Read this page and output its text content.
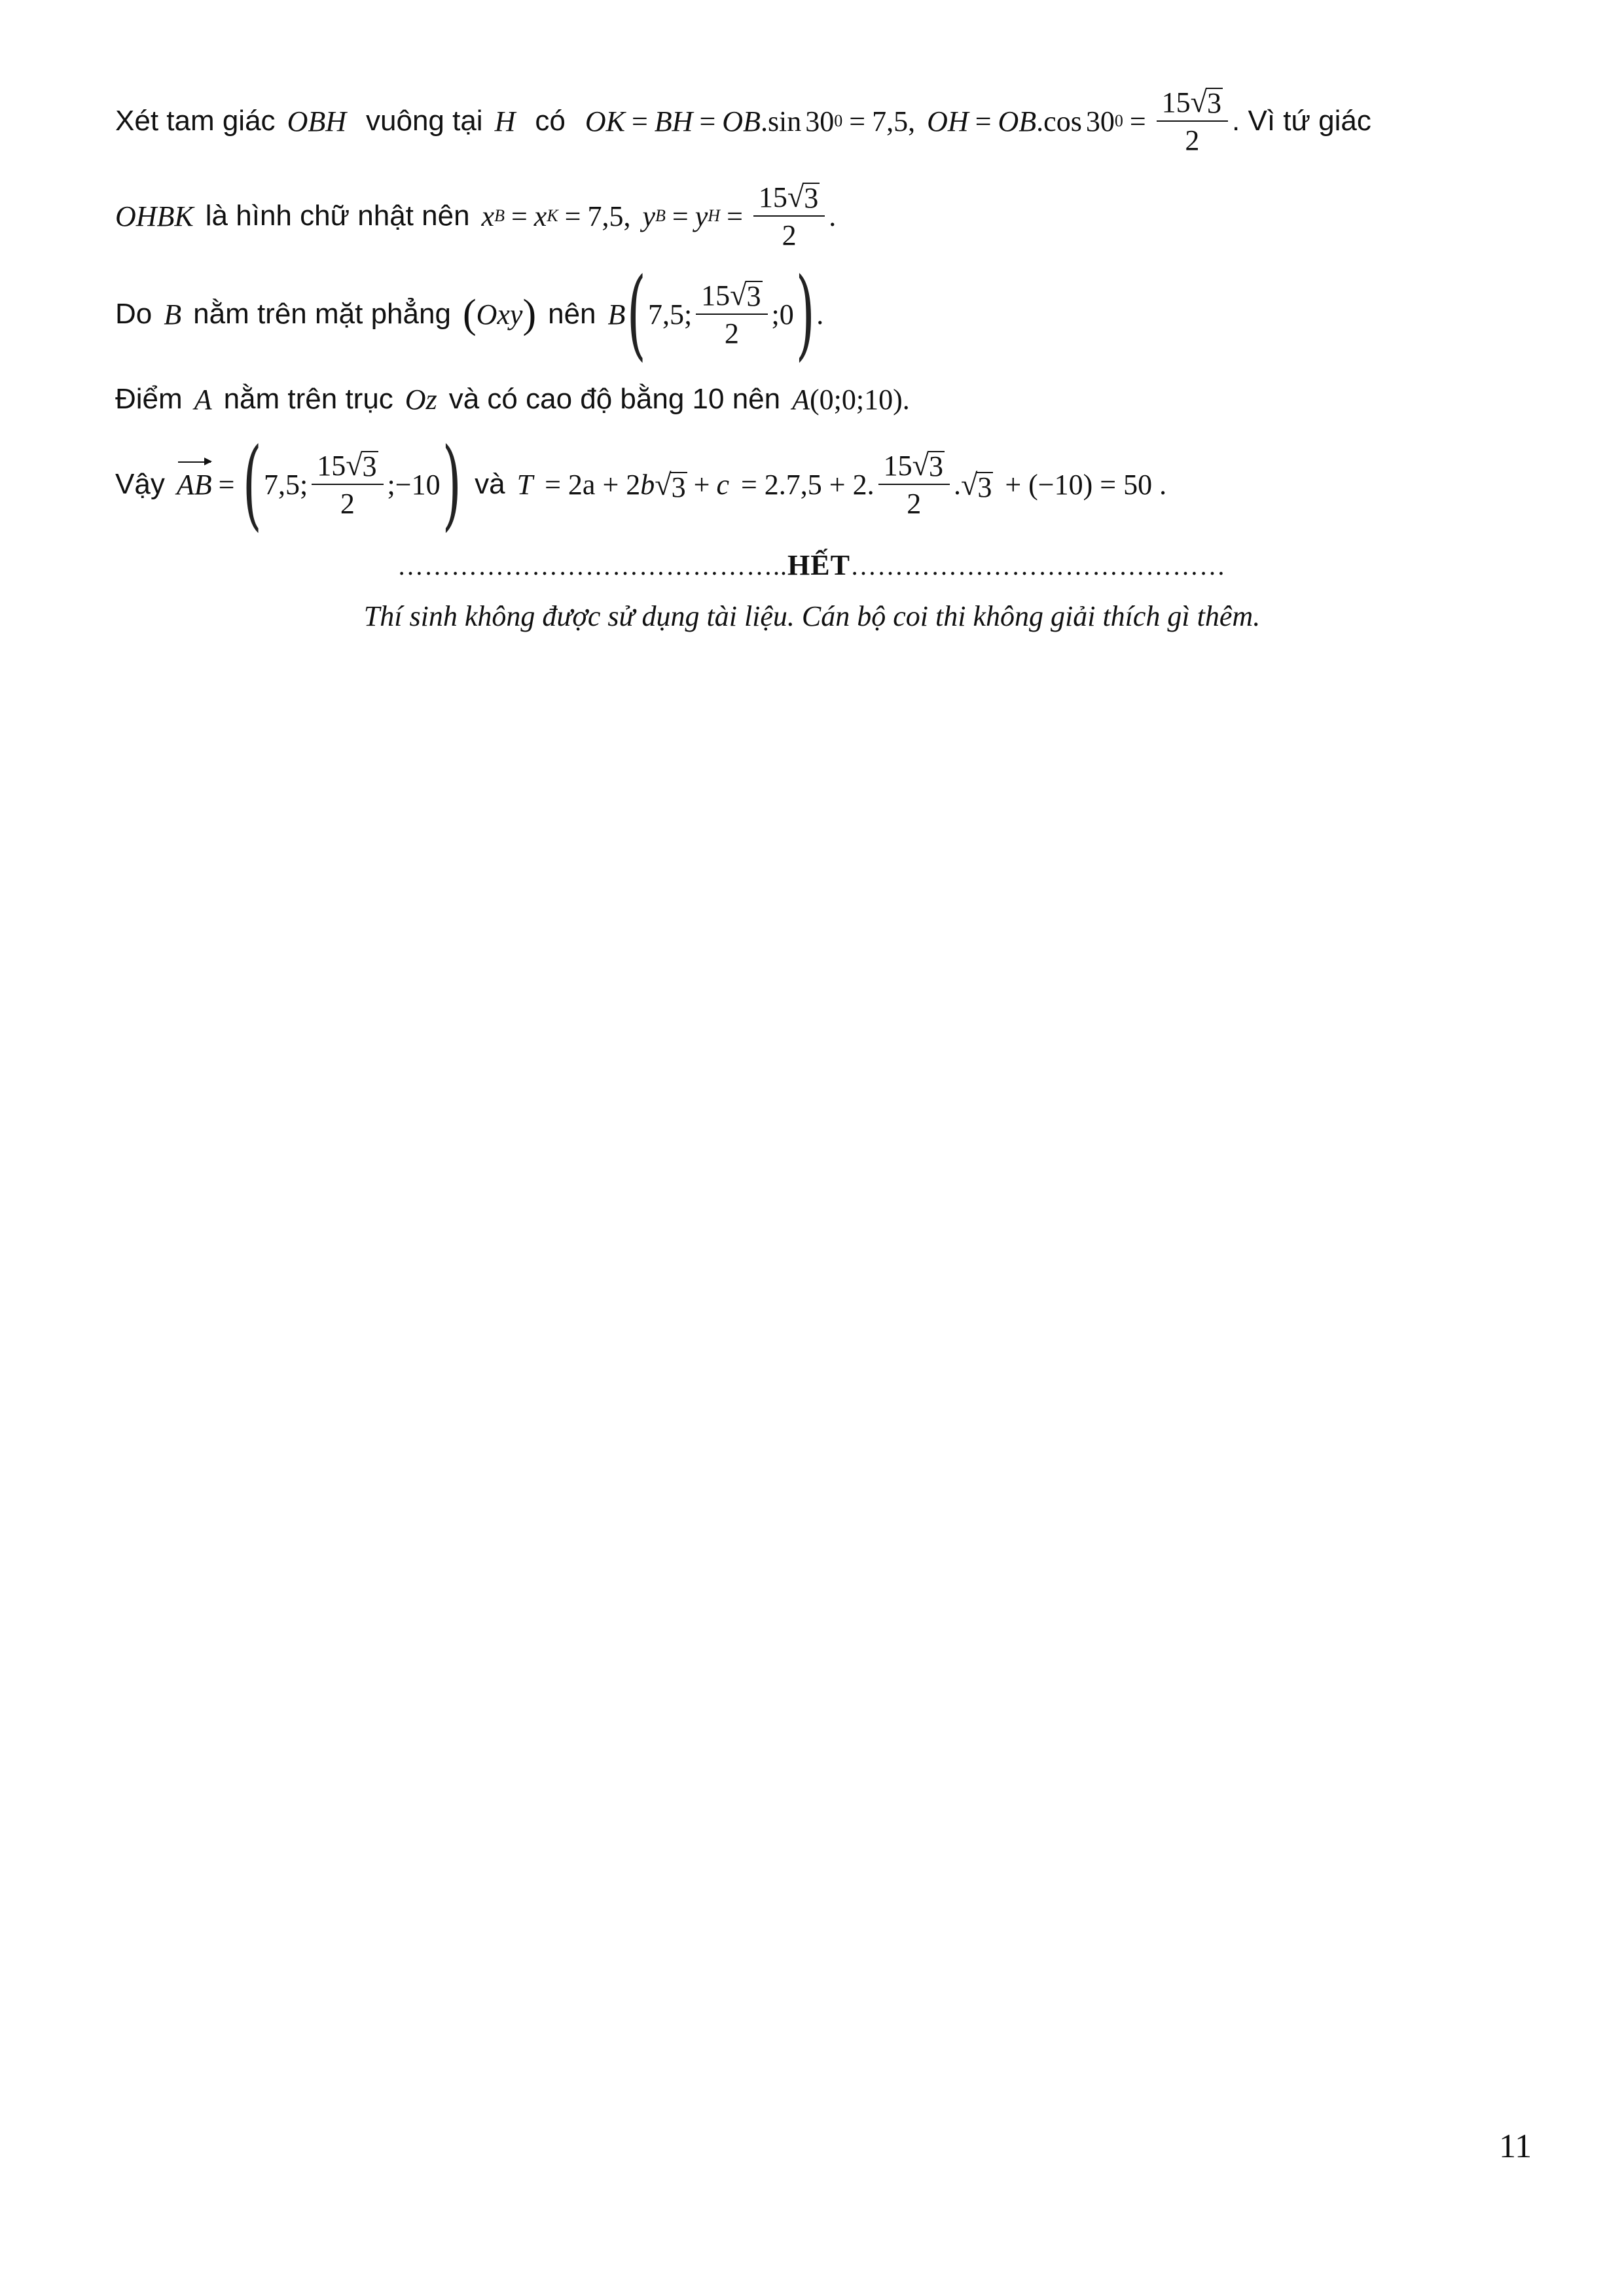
Xét tam giác OBH vuông tại H có OK = BH = OB .sin 30 0 = 7,5 , OH = OB .cos 30 $0 = \frac{15 √ 3}{2}$ . Vì tứ giác
OHBK là hình chữ nhật nên x B = x K = 7,5 , y B = y $H = \frac{15 √ 3}{2}$ .
Do B nằm trên mặt phẳng ( Oxy ) nên B ( 7,5; $\frac{15 √ 3}{2}$ ;0 ) .
Điểm A nằm trên trục Oz và có cao độ bằng 10 nên A (0;0;10) .
Vậy AB = ( 7,5; $\frac{15 √ 3}{2}$ ;−10 ) và T = 2a + 2 b √ 3 + c = 2.7,5 + 2. $\frac{15 √ 3}{2}$ . √ 3 + (−10) = 50 .
……………………………………..HẾT……………………………………
Thí sinh không được sử dụng tài liệu. Cán bộ coi thi không giải thích gì thêm.
11
